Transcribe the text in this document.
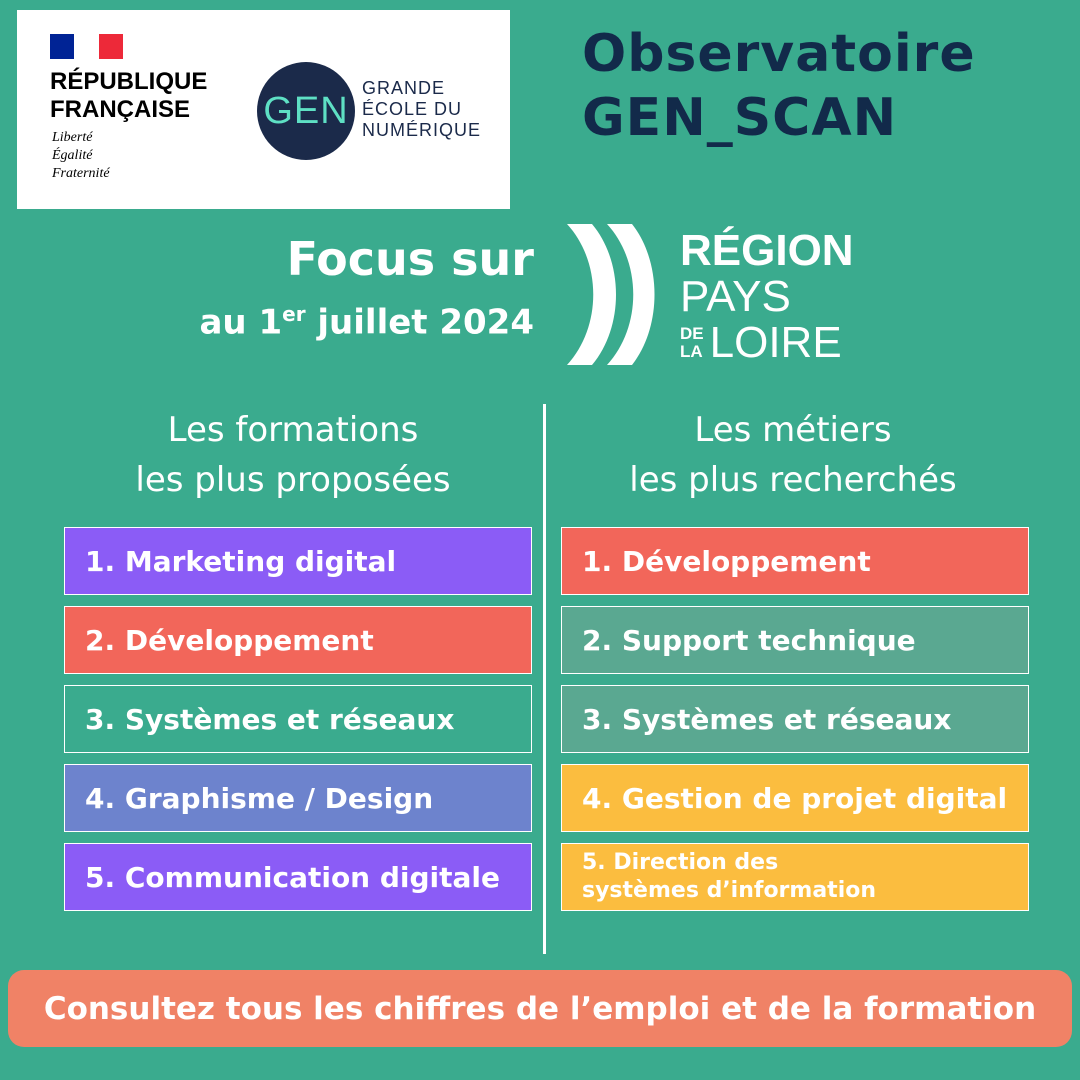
RÉPUBLIQUE
FRANÇAISE
Liberté
Égalité
Fraternité
GEN
GRANDE
ÉCOLE DU
NUMÉRIQUE
Observatoire
GEN_SCAN
Focus sur
au 1er juillet 2024
RÉGION
PAYS
DE
LA LOIRE
Les formations
les plus proposées
Les métiers
les plus recherchés
1. Marketing digital
2. Développement
3. Systèmes et réseaux
4. Graphisme / Design
5. Communication digitale
1. Développement
2. Support technique
3. Systèmes et réseaux
4. Gestion de projet digital
5. Direction des
systèmes d’information
Consultez tous les chiffres de l’emploi et de la formation
